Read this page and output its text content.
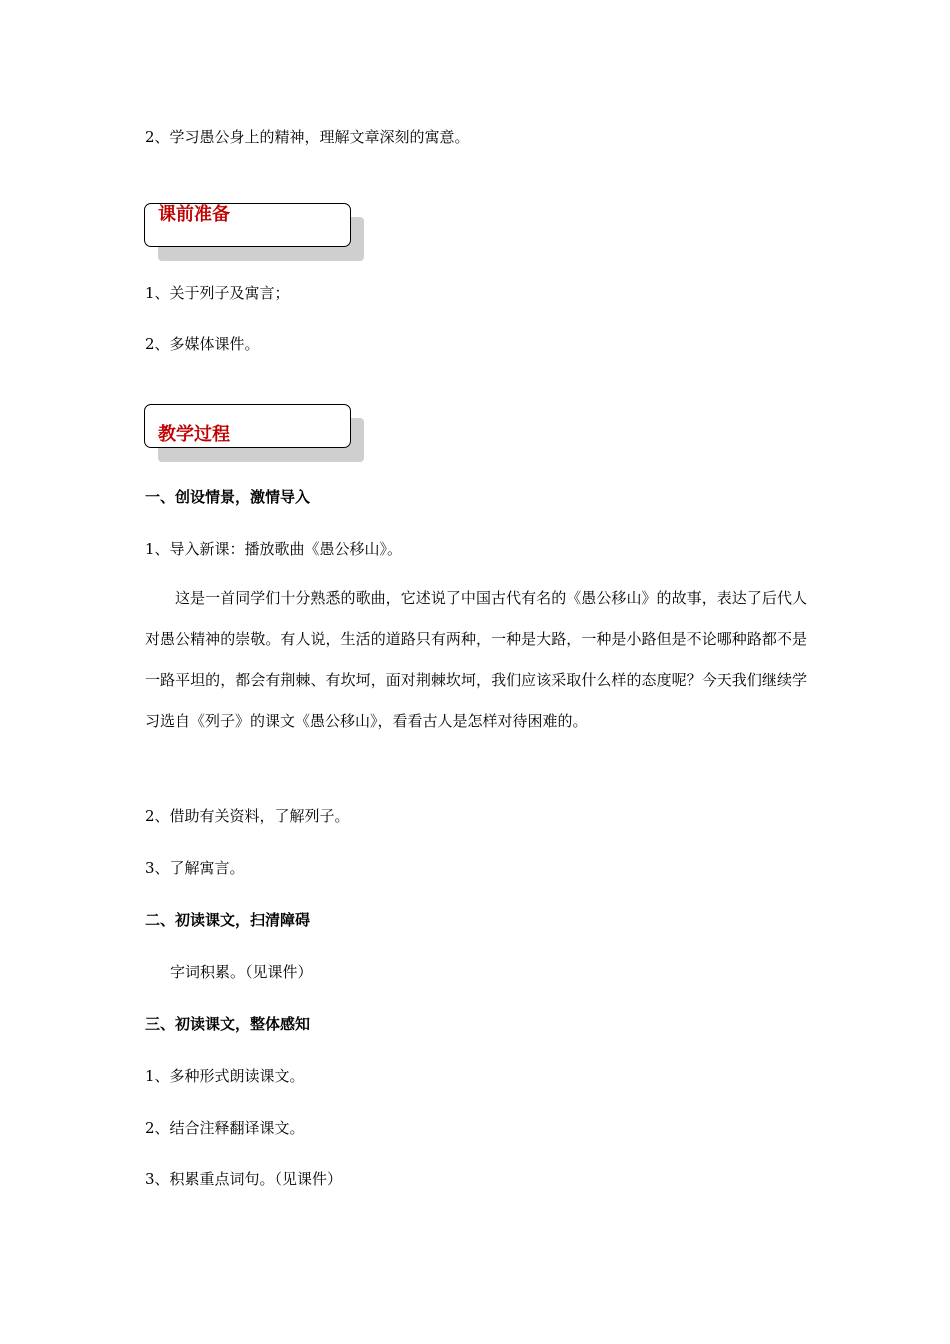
2、学习愚公身上的精神，理解文章深刻的寓意。

课前准备

1、关于列子及寓言；

2、多媒体课件。

教学过程

一、创设情景，激情导入

1、导入新课：播放歌曲《愚公移山》。

这是一首同学们十分熟悉的歌曲，它述说了中国古代有名的《愚公移山》的故事，表达了后代人对愚公精神的崇敬。有人说，生活的道路只有两种，一种是大路，一种是小路但是不论哪种路都不是一路平坦的，都会有荆棘、有坎坷，面对荆棘坎坷，我们应该采取什么样的态度呢？今天我们继续学习选自《列子》的课文《愚公移山》，看看古人是怎样对待困难的。

2、借助有关资料，了解列子。

3、了解寓言。

二、初读课文，扫清障碍

字词积累。（见课件）

三、初读课文，整体感知

1、多种形式朗读课文。

2、结合注释翻译课文。

3、积累重点词句。（见课件）
